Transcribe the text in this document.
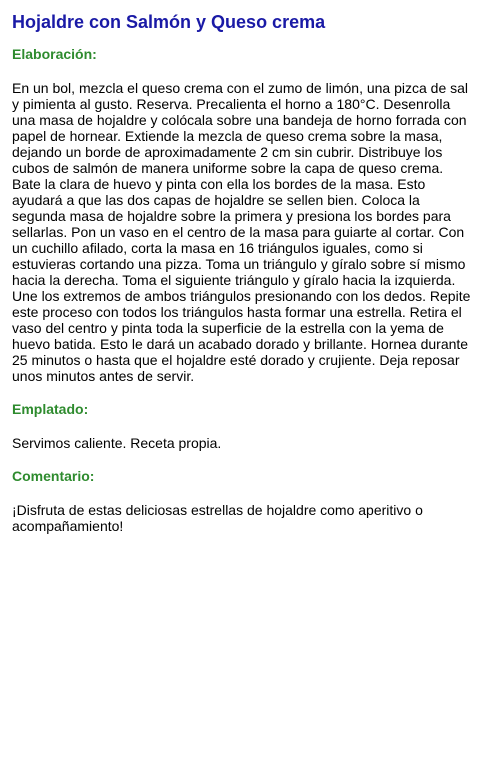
Hojaldre con Salmón y Queso crema
Elaboración:

En un bol, mezcla el queso crema con el zumo de limón, una pizca de sal y pimienta al gusto. Reserva. Precalienta el horno a 180°C. Desenrolla una masa de hojaldre y colócala sobre una bandeja de horno forrada con papel de hornear. Extiende la mezcla de queso crema sobre la masa, dejando un borde de aproximadamente 2 cm sin cubrir. Distribuye los cubos de salmón de manera uniforme sobre la capa de queso crema. Bate la clara de huevo y pinta con ella los bordes de la masa. Esto ayudará a que las dos capas de hojaldre se sellen bien. Coloca la segunda masa de hojaldre sobre la primera y presiona los bordes para sellarlas. Pon un vaso en el centro de la masa para guiarte al cortar. Con un cuchillo afilado, corta la masa en 16 triángulos iguales, como si estuvieras cortando una pizza. Toma un triángulo y gíralo sobre sí mismo hacia la derecha. Toma el siguiente triángulo y gíralo hacia la izquierda. Une los extremos de ambos triángulos presionando con los dedos. Repite este proceso con todos los triángulos hasta formar una estrella. Retira el vaso del centro y pinta toda la superficie de la estrella con la yema de huevo batida. Esto le dará un acabado dorado y brillante. Hornea durante 25 minutos o hasta que el hojaldre esté dorado y crujiente. Deja reposar unos minutos antes de servir.

Emplatado:

Servimos caliente. Receta propia.

Comentario:

¡Disfruta de estas deliciosas estrellas de hojaldre como aperitivo o acompañamiento!
